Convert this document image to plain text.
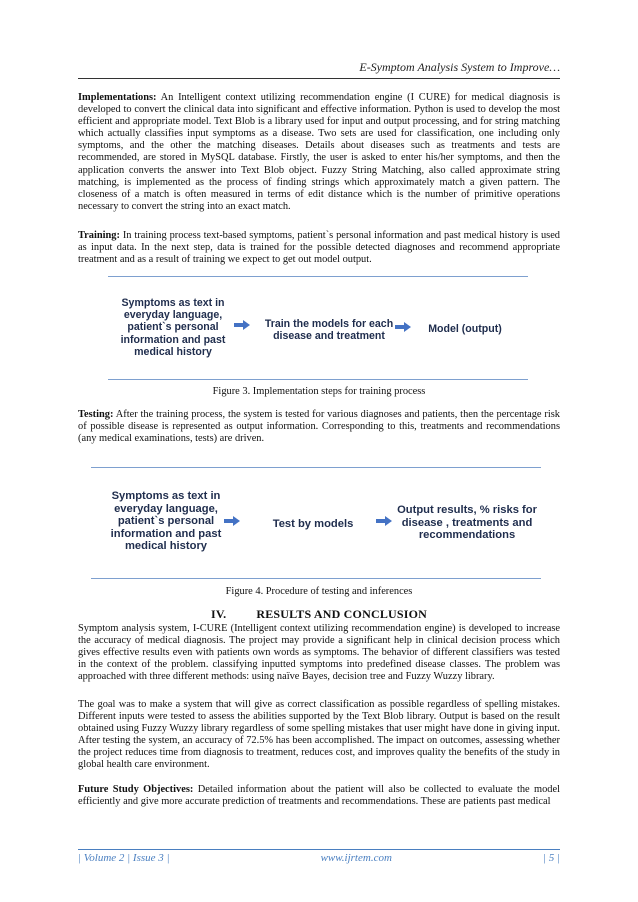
E-Symptom Analysis System to Improve…

Implementations: An Intelligent context utilizing recommendation engine (I CURE) for medical diagnosis is developed to convert the clinical data into significant and effective information. Python is used to develop the most efficient and appropriate model. Text Blob is a library used for input and output processing, and for string matching which actually classifies input symptoms as a disease. Two sets are used for classification, one including only symptoms, and the other the matching diseases. Details about diseases such as treatments and tests are recommended, are stored in MySQL database. Firstly, the user is asked to enter his/her symptoms, and then the application converts the answer into Text Blob object. Fuzzy String Matching, also called approximate string matching, is implemented as the process of finding strings which approximately match a given pattern. The closeness of a match is often measured in terms of edit distance which is the number of primitive operations necessary to convert the string into an exact match.

Training: In training process text-based symptoms, patient`s personal information and past medical history is used as input data. In the next step, data is trained for the possible detected diagnoses and recommend appropriate treatment and as a result of training we expect to get out model output.

Symptoms as text in
everyday language,
patient`s personal
information and past
medical history
Train the models for each
disease and treatment
Model (output)
Figure 3. Implementation steps for training process

Testing: After the training process, the system is tested for various diagnoses and patients, then the percentage risk of possible disease is represented as output information. Corresponding to this, treatments and recommendations (any medical examinations, tests) are driven.

Symptoms as text in
everyday language,
patient`s personal
information and past
medical history
Test by models
Output results, % risks for
disease , treatments and
recommendations
Figure 4. Procedure of testing and inferences
IV.	RESULTS AND CONCLUSION

Symptom analysis system, I-CURE (Intelligent context utilizing recommendation engine) is developed to increase the accuracy of medical diagnosis. The project may provide a significant help in clinical decision process which gives effective results even with patients own words as symptoms. The behavior of different classifiers was tested in the context of the problem. classifying inputted symptoms into predefined disease classes. The problem was approached with three different methods: using naïve Bayes, decision tree and Fuzzy Wuzzy library.

The goal was to make a system that will give as correct classification as possible regardless of spelling mistakes. Different inputs were tested to assess the abilities supported by the Text Blob library. Output is based on the result obtained using Fuzzy Wuzzy library regardless of some spelling mistakes that user might have done in giving input. After testing the system, an accuracy of 72.5% has been accomplished. The impact on outcomes, assessing whether the project reduces time from diagnosis to treatment, reduces cost, and improves quality the benefits of the study in global health care environment.

Future Study Objectives: Detailed information about the patient will also be collected to evaluate the model efficiently and give more accurate prediction of treatments and recommendations. These are patients past medical

| Volume 2 | Issue 3 |	www.ijrtem.com	| 5 |
